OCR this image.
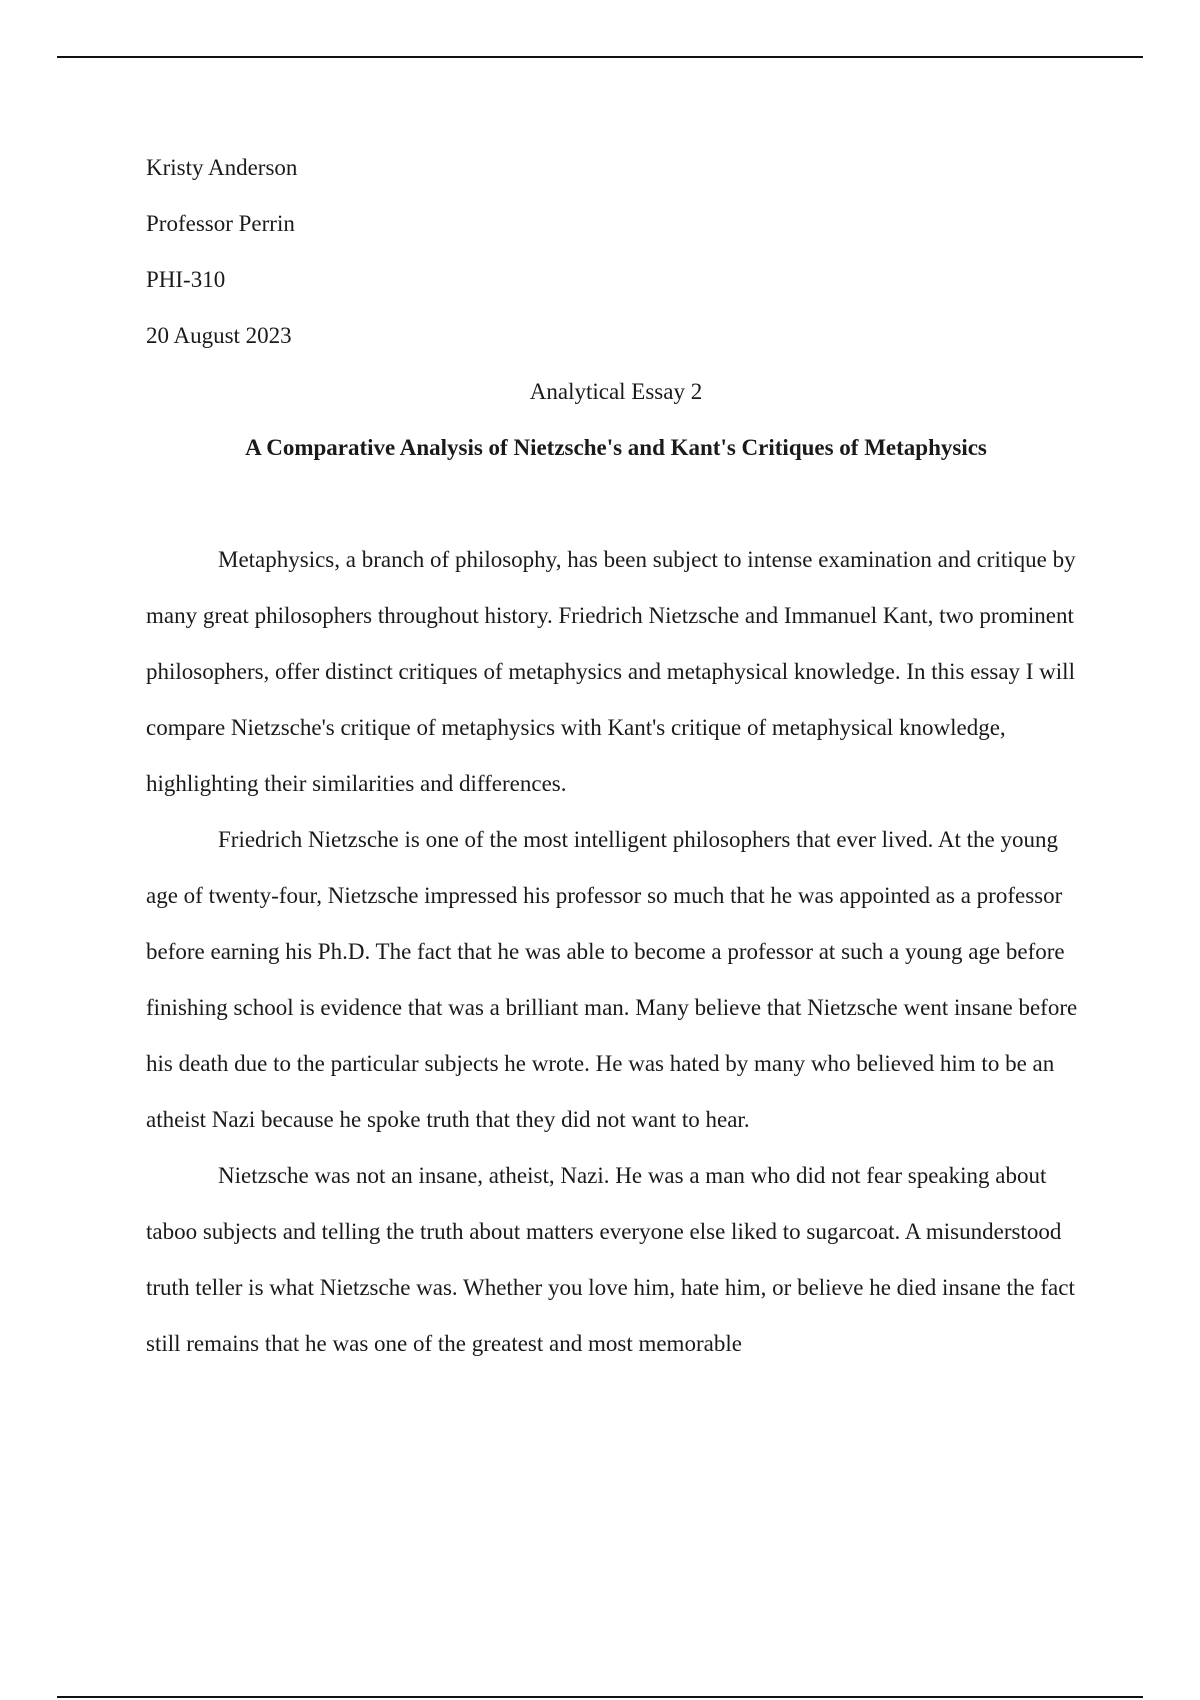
Kristy Anderson

Professor Perrin

PHI-310

20 August 2023

Analytical Essay 2

A Comparative Analysis of Nietzsche's and Kant's Critiques of Metaphysics

Metaphysics, a branch of philosophy, has been subject to intense examination and critique by many great philosophers throughout history. Friedrich Nietzsche and Immanuel Kant, two prominent philosophers, offer distinct critiques of metaphysics and metaphysical knowledge. In this essay I will compare Nietzsche's critique of metaphysics with Kant's critique of metaphysical knowledge, highlighting their similarities and differences.

Friedrich Nietzsche is one of the most intelligent philosophers that ever lived. At the young age of twenty-four, Nietzsche impressed his professor so much that he was appointed as a professor before earning his Ph.D. The fact that he was able to become a professor at such a young age before finishing school is evidence that was a brilliant man. Many believe that Nietzsche went insane before his death due to the particular subjects he wrote. He was hated by many who believed him to be an atheist Nazi because he spoke truth that they did not want to hear.

Nietzsche was not an insane, atheist, Nazi. He was a man who did not fear speaking about taboo subjects and telling the truth about matters everyone else liked to sugarcoat. A misunderstood truth teller is what Nietzsche was. Whether you love him, hate him, or believe he died insane the fact still remains that he was one of the greatest and most memorable
